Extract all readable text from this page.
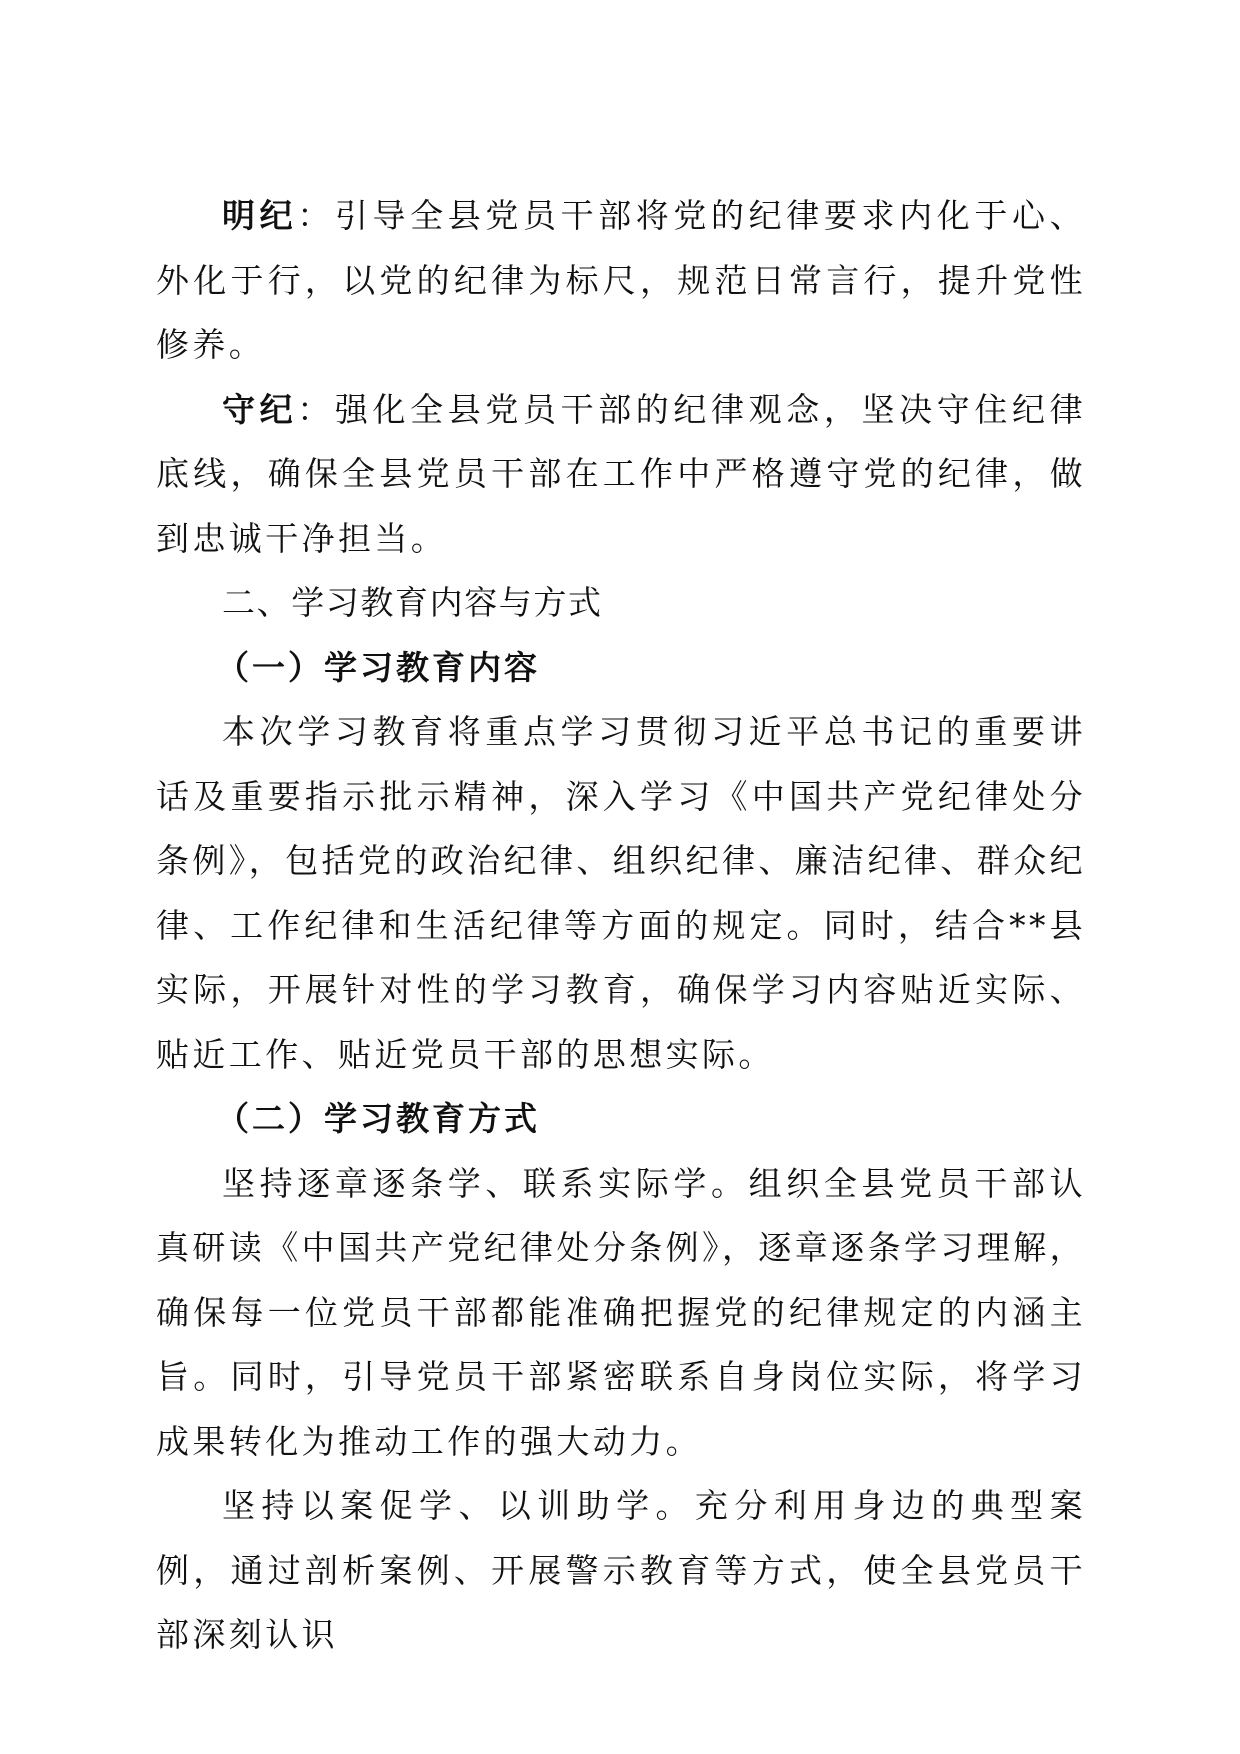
明纪：引导全县党员干部将党的纪律要求内化于心、外化于行，以党的纪律为标尺，规范日常言行，提升党性修养。

守纪：强化全县党员干部的纪律观念，坚决守住纪律底线，确保全县党员干部在工作中严格遵守党的纪律，做到忠诚干净担当。

二、学习教育内容与方式
（一）学习教育内容

本次学习教育将重点学习贯彻习近平总书记的重要讲话及重要指示批示精神，深入学习《中国共产党纪律处分条例》，包括党的政治纪律、组织纪律、廉洁纪律、群众纪律、工作纪律和生活纪律等方面的规定。同时，结合**县实际，开展针对性的学习教育，确保学习内容贴近实际、贴近工作、贴近党员干部的思想实际。

（二）学习教育方式

坚持逐章逐条学、联系实际学。组织全县党员干部认真研读《中国共产党纪律处分条例》，逐章逐条学习理解，确保每一位党员干部都能准确把握党的纪律规定的内涵主旨。同时，引导党员干部紧密联系自身岗位实际，将学习成果转化为推动工作的强大动力。

坚持以案促学、以训助学。充分利用身边的典型案例，通过剖析案例、开展警示教育等方式，使全县党员干部深刻认识
